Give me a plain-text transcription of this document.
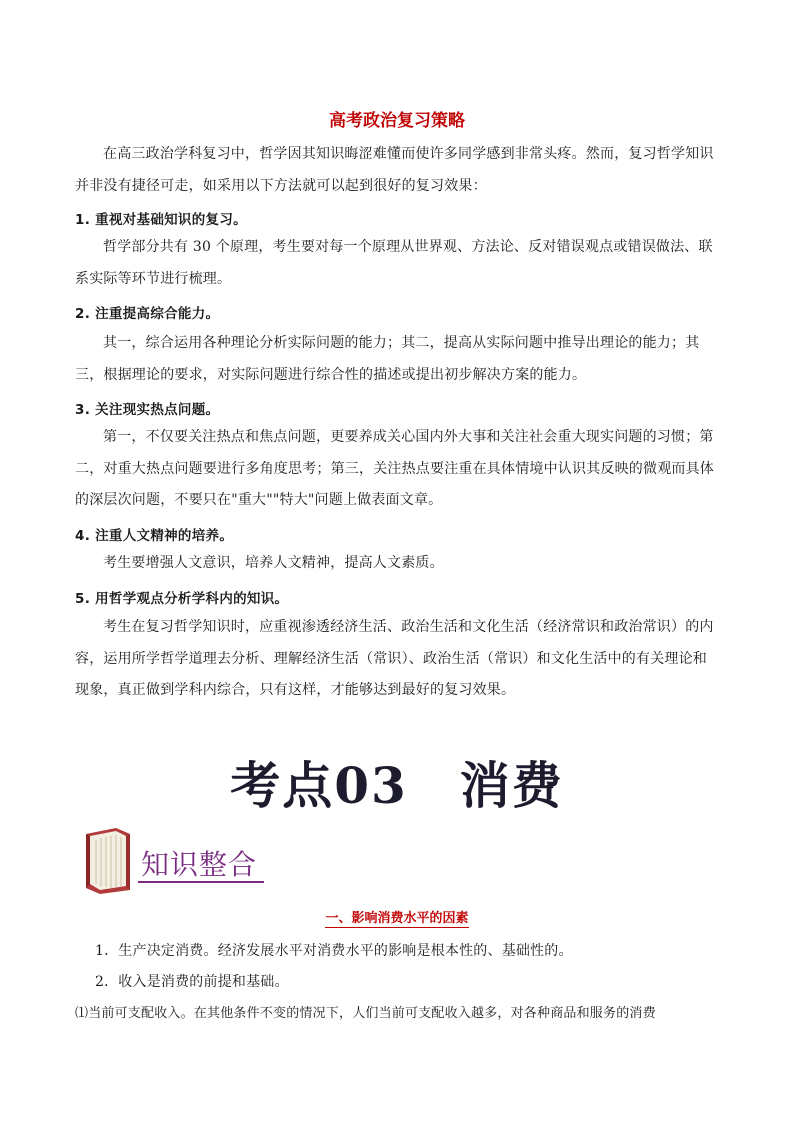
高考政治复习策略
在高三政治学科复习中，哲学因其知识晦涩难懂而使许多同学感到非常头疼。然而，复习哲学知识并非没有捷径可走，如采用以下方法就可以起到很好的复习效果：
1. 重视对基础知识的复习。
哲学部分共有 30 个原理，考生要对每一个原理从世界观、方法论、反对错误观点或错误做法、联系实际等环节进行梳理。
2. 注重提高综合能力。
其一，综合运用各种理论分析实际问题的能力；其二，提高从实际问题中推导出理论的能力；其三，根据理论的要求，对实际问题进行综合性的描述或提出初步解决方案的能力。
3. 关注现实热点问题。
第一，不仅要关注热点和焦点问题，更要养成关心国内外大事和关注社会重大现实问题的习惯；第二，对重大热点问题要进行多角度思考；第三，关注热点要注重在具体情境中认识其反映的微观而具体的深层次问题，不要只在"重大""特大"问题上做表面文章。
4. 注重人文精神的培养。
考生要增强人文意识，培养人文精神，提高人文素质。
5. 用哲学观点分析学科内的知识。
考生在复习哲学知识时，应重视渗透经济生活、政治生活和文化生活（经济常识和政治常识）的内容，运用所学哲学道理去分析、理解经济生活（常识）、政治生活（常识）和文化生活中的有关理论和现象，真正做到学科内综合，只有这样，才能够达到最好的复习效果。
考点03 消费
知识整合
一、影响消费水平的因素
1．生产决定消费。经济发展水平对消费水平的影响是根本性的、基础性的。
2．收入是消费的前提和基础。
⑴当前可支配收入。在其他条件不变的情况下，人们当前可支配收入越多，对各种商品和服务的消费
